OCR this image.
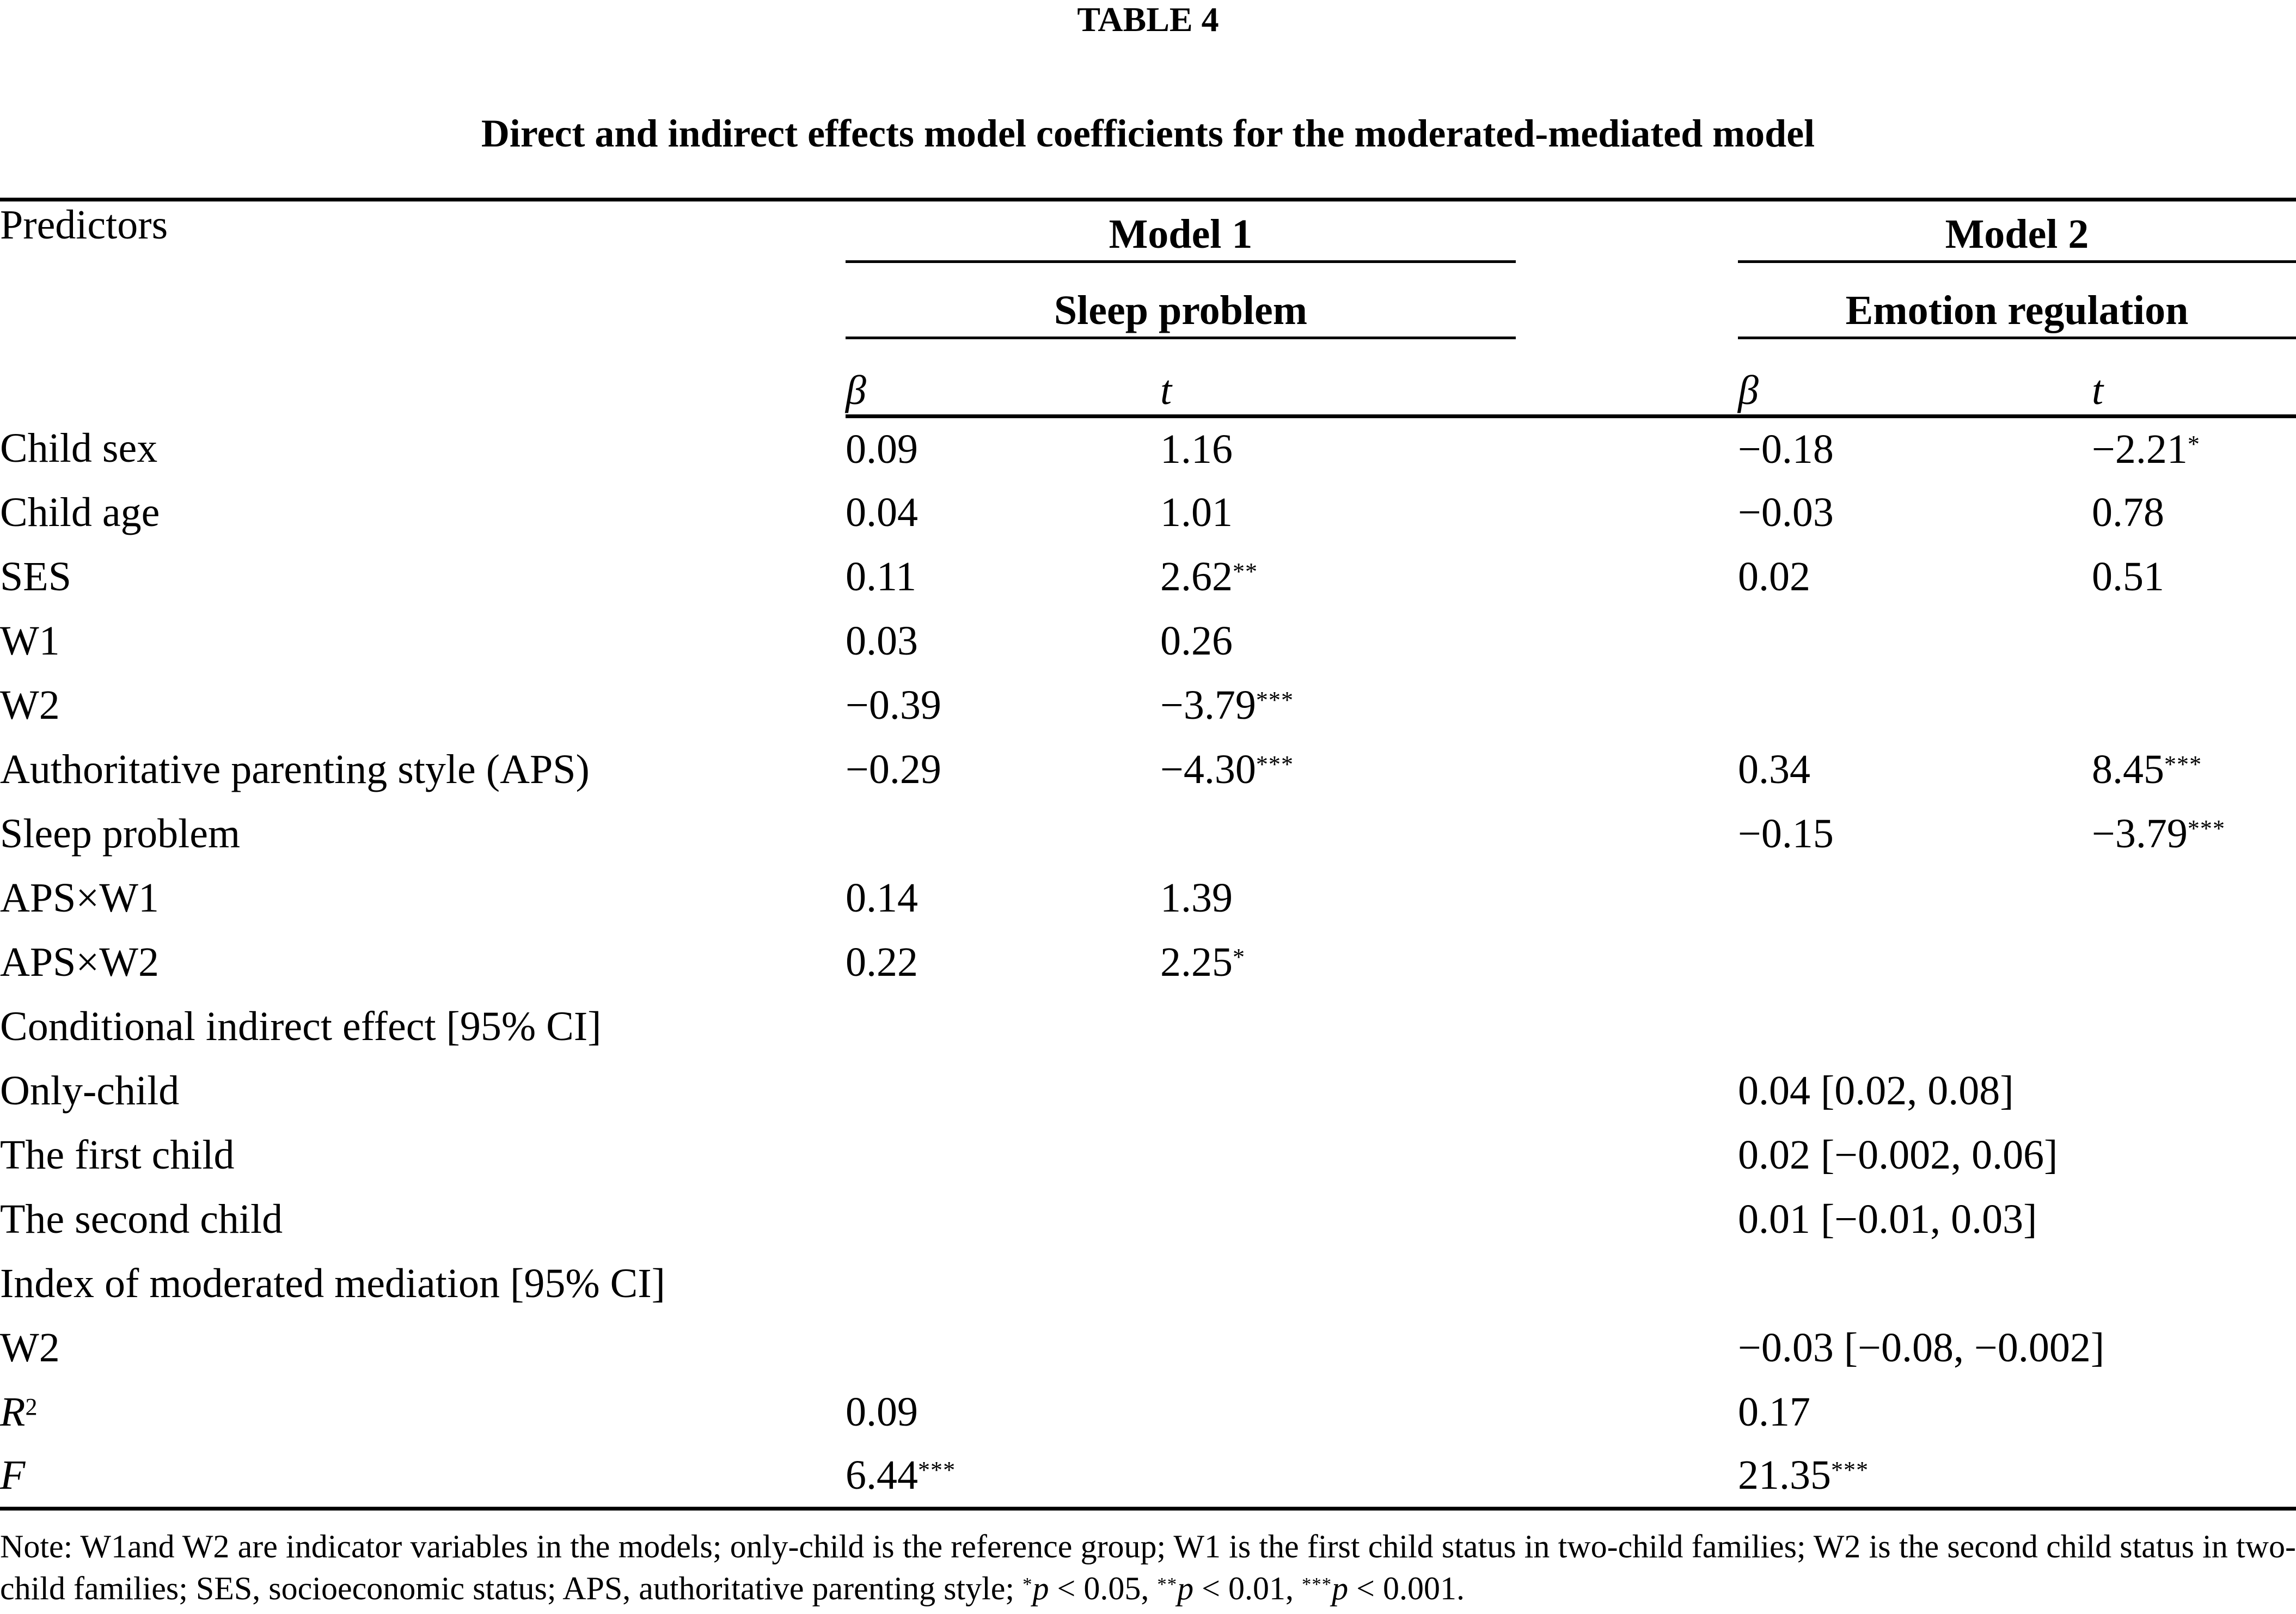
TABLE 4
Direct and indirect effects model coefficients for the moderated-mediated model
Predictors	Model 1		Model 2	

	Sleep problem		Emotion regulation	

	β	t	β	t
Child sex	0.09	1.16	−0.18	−2.21*
Child age	0.04	1.01	−0.03	0.78
SES	0.11	2.62**	0.02	0.51
W1	0.03	0.26		
W2	−0.39	−3.79***		
Authoritative parenting style (APS)	−0.29	−4.30***	0.34	8.45***
Sleep problem			−0.15	−3.79***
APS×W1	0.14	1.39		
APS×W2	0.22	2.25*		
Conditional indirect effect [95% CI]				
Only-child			0.04 [0.02, 0.08]	
The first child			0.02 [−0.002, 0.06]	
The second child			0.01 [−0.01, 0.03]	
Index of moderated mediation [95% CI]				
W2			−0.03 [−0.08, −0.002]	
$R^2$	0.09		0.17	
F	6.44***		21.35***
Note: W1and W2 are indicator variables in the models; only-child is the reference group; W1 is the first child status in two-child families; W2 is the second child status in two-child families; SES, socioeconomic status; APS, authoritative parenting style; *p < 0.05, **p < 0.01, ***p < 0.001.
